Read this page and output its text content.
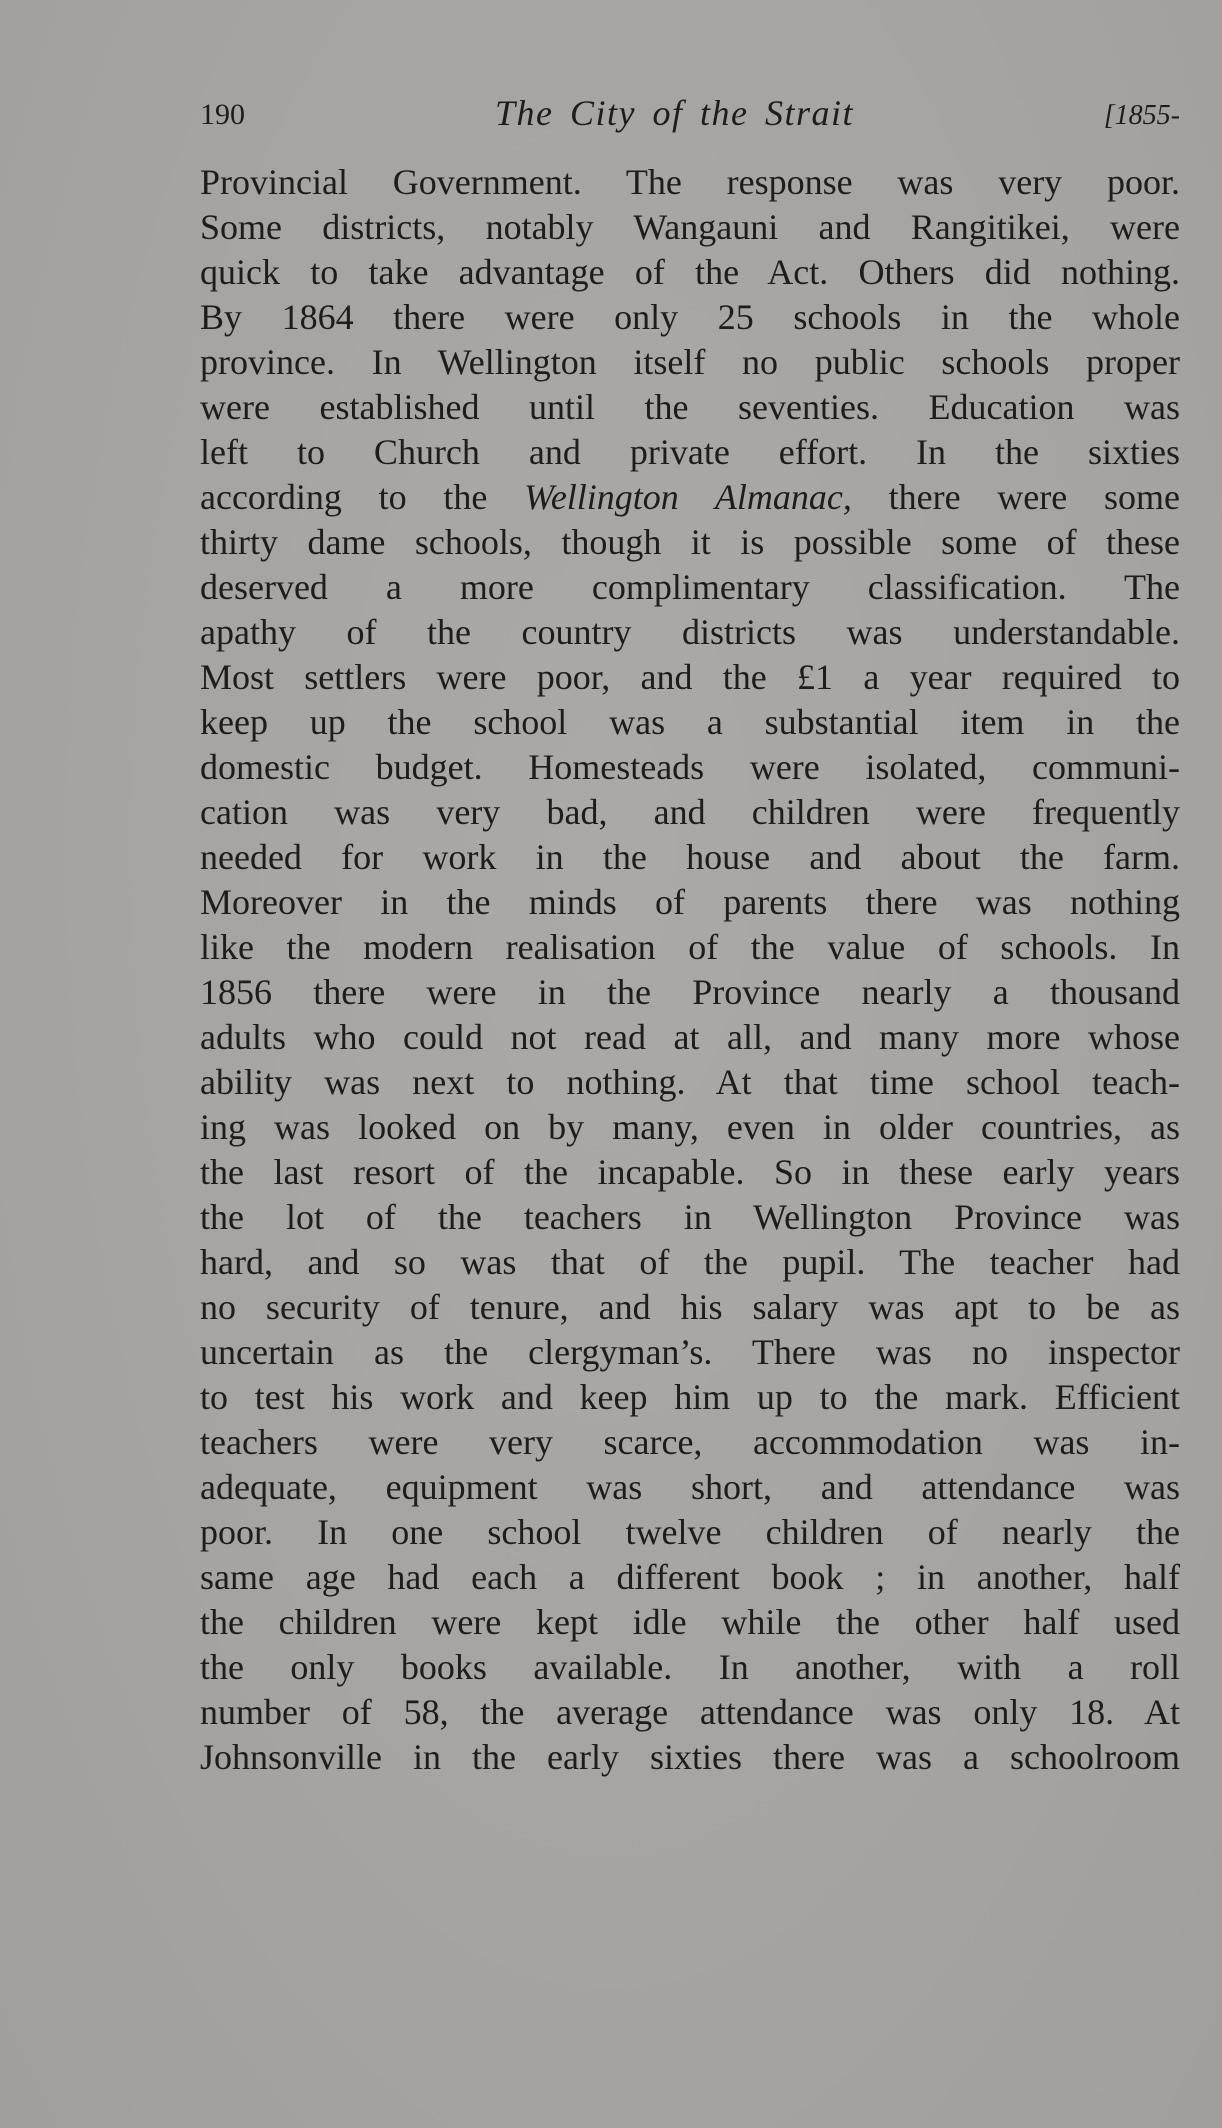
190	The City of the Strait	[1855-
Provincial Government. The response was very poor.
Some districts, notably Wangauni and Rangitikei, were
quick to take advantage of the Act. Others did nothing.
By 1864 there were only 25 schools in the whole
province. In Wellington itself no public schools proper
were established until the seventies. Education was
left to Church and private effort. In the sixties
according to the Wellington Almanac, there were some
thirty dame schools, though it is possible some of these
deserved a more complimentary classification. The
apathy of the country districts was understandable.
Most settlers were poor, and the £1 a year required to
keep up the school was a substantial item in the
domestic budget. Homesteads were isolated, communi-
cation was very bad, and children were frequently
needed for work in the house and about the farm.
Moreover in the minds of parents there was nothing
like the modern realisation of the value of schools. In
1856 there were in the Province nearly a thousand
adults who could not read at all, and many more whose
ability was next to nothing. At that time school teach-
ing was looked on by many, even in older countries, as
the last resort of the incapable. So in these early years
the lot of the teachers in Wellington Province was
hard, and so was that of the pupil. The teacher had
no security of tenure, and his salary was apt to be as
uncertain as the clergyman’s. There was no inspector
to test his work and keep him up to the mark. Efficient
teachers were very scarce, accommodation was in-
adequate, equipment was short, and attendance was
poor. In one school twelve children of nearly the
same age had each a different book ; in another, half
the children were kept idle while the other half used
the only books available. In another, with a roll
number of 58, the average attendance was only 18. At
Johnsonville in the early sixties there was a schoolroom
